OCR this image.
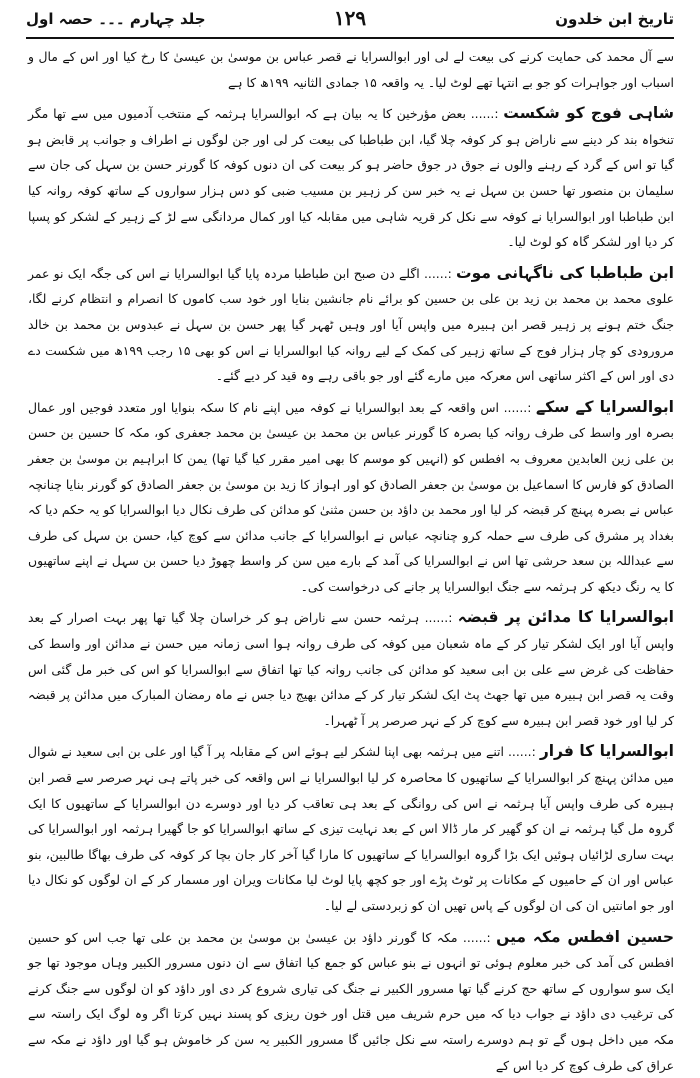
تاریخ ابن خلدون
۱۲۹
جلد چہارم ۔۔۔ حصہ اول

سے آل محمد کی حمایت کرنے کی بیعت لے لی اور ابوالسرایا نے قصر عباس بن موسیٰ بن عیسیٰ کا رخ کیا اور اس کے مال و اسباب اور جواہرات کو جو بے انتہا تھے لوٹ لیا۔ یہ واقعہ ۱۵ جمادی الثانیہ ۱۹۹ھ کا ہے

شاہی فوج کو شکست :...... بعض مؤرخین کا یہ بیان ہے کہ ابوالسرایا ہرثمہ کے منتخب آدمیوں میں سے تھا مگر تنخواہ بند کر دینے سے ناراض ہو کر کوفہ چلا گیا، ابن طباطبا کی بیعت کر لی اور جن لوگوں نے اطراف و جوانب پر قابض ہو گیا تو اس کے گرد کے رہنے والوں نے جوق در جوق حاضر ہو کر بیعت کی ان دنوں کوفہ کا گورنر حسن بن سہل کی جان سے سلیمان بن منصور تھا حسن بن سہل نے یہ خبر سن کر زہیر بن مسیب ضبی کو دس ہزار سواروں کے ساتھ کوفہ روانہ کیا ابن طباطبا اور ابوالسرایا نے کوفہ سے نکل کر قریہ شاہی میں مقابلہ کیا اور کمال مردانگی سے لڑ کے زہیر کے لشکر کو پسپا کر دیا اور لشکر گاہ کو لوٹ لیا۔

ابن طباطبا کی ناگہانی موت :...... اگلے دن صبح ابن طباطبا مردہ پایا گیا ابوالسرایا نے اس کی جگہ ایک نو عمر علوی محمد بن محمد بن زید بن علی بن حسین کو برائے نام جانشین بنایا اور خود سب کاموں کا انصرام و انتظام کرنے لگا، جنگ ختم ہونے پر زہیر قصر ابن ہبیرہ میں واپس آیا اور وہیں ٹھہر گیا پھر حسن بن سہل نے عبدوس بن محمد بن خالد مرورودی کو چار ہزار فوج کے ساتھ زہیر کی کمک کے لیے روانہ کیا ابوالسرایا نے اس کو بھی ۱۵ رجب ۱۹۹ھ میں شکست دے دی اور اس کے اکثر ساتھی اس معرکہ میں مارے گئے اور جو باقی رہے وہ قید کر دیے گئے۔

ابوالسرایا کے سکے :...... اس واقعہ کے بعد ابوالسرایا نے کوفہ میں اپنے نام کا سکہ بنوایا اور متعدد فوجیں اور عمال بصرہ اور واسط کی طرف روانہ کیا بصرہ کا گورنر عباس بن محمد بن عیسیٰ بن محمد جعفری کو، مکہ کا حسین بن حسن بن علی زین العابدین معروف بہ افطس کو (انہیں کو موسم کا بھی امیر مقرر کیا گیا تھا) یمن کا ابراہیم بن موسیٰ بن جعفر الصادق کو فارس کا اسماعیل بن موسیٰ بن جعفر الصادق کو اور اہواز کا زید بن موسیٰ بن جعفر الصادق کو گورنر بنایا چنانچہ عباس نے بصرہ پہنچ کر قبضہ کر لیا اور محمد بن داؤد بن حسن مثنیٰ کو مدائن کی طرف نکال دیا ابوالسرایا کو یہ حکم دیا کہ بغداد پر مشرق کی طرف سے حملہ کرو چنانچہ عباس نے ابوالسرایا کے جانب مدائن سے کوچ کیا، حسن بن سہل کی طرف سے عبداللہ بن سعد حرشی تھا اس نے ابوالسرایا کی آمد کے بارے میں سن کر واسط چھوڑ دیا حسن بن سہل نے اپنے ساتھیوں کا یہ رنگ دیکھ کر ہرثمہ سے جنگ ابوالسرایا پر جانے کی درخواست کی۔

ابوالسرایا کا مدائن پر قبضہ :...... ہرثمہ حسن سے ناراض ہو کر خراسان چلا گیا تھا پھر بہت اصرار کے بعد واپس آیا اور ایک لشکر تیار کر کے ماہ شعبان میں کوفہ کی طرف روانہ ہوا اسی زمانہ میں حسن نے مدائن اور واسط کی حفاظت کی غرض سے علی بن ابی سعید کو مدائن کی جانب روانہ کیا تھا اتفاق سے ابوالسرایا کو اس کی خبر مل گئی اس وقت یہ قصر ابن ہبیرہ میں تھا جھٹ پٹ ایک لشکر تیار کر کے مدائن بھیج دیا جس نے ماہ رمضان المبارک میں مدائن پر قبضہ کر لیا اور خود قصر ابن ہبیرہ سے کوچ کر کے نہر صرصر پر آ ٹھہرا۔

ابوالسرایا کا فرار :...... اتنے میں ہرثمہ بھی اپنا لشکر لیے ہوئے اس کے مقابلہ پر آ گیا اور علی بن ابی سعید نے شوال میں مدائن پہنچ کر ابوالسرایا کے ساتھیوں کا محاصرہ کر لیا ابوالسرایا نے اس واقعہ کی خبر پاتے ہی نہر صرصر سے قصر ابن ہبیرہ کی طرف واپس آیا ہرثمہ نے اس کی روانگی کے بعد ہی تعاقب کر دیا اور دوسرے دن ابوالسرایا کے ساتھیوں کا ایک گروہ مل گیا ہرثمہ نے ان کو گھیر کر مار ڈالا اس کے بعد نہایت تیزی کے ساتھ ابوالسرایا کو جا گھیرا ہرثمہ اور ابوالسرایا کی بہت ساری لڑائیاں ہوئیں ایک بڑا گروہ ابوالسرایا کے ساتھیوں کا مارا گیا آخر کار جان بچا کر کوفہ کی طرف بھاگا طالبین، بنو عباس اور ان کے حامیوں کے مکانات پر ٹوٹ پڑے اور جو کچھ پایا لوٹ لیا مکانات ویران اور مسمار کر کے ان لوگوں کو نکال دیا اور جو امانتیں ان کی ان لوگوں کے پاس تھیں ان کو زبردستی لے لیا۔

حسین افطس مکہ میں :...... مکہ کا گورنر داؤد بن عیسیٰ بن موسیٰ بن محمد بن علی تھا جب اس کو حسین افطس کی آمد کی خبر معلوم ہوئی تو انہوں نے بنو عباس کو جمع کیا اتفاق سے ان دنوں مسرور الکبیر وہاں موجود تھا جو ایک سو سواروں کے ساتھ حج کرنے گیا تھا مسرور الکبیر نے جنگ کی تیاری شروع کر دی اور داؤد کو ان لوگوں سے جنگ کرنے کی ترغیب دی داؤد نے جواب دیا کہ میں حرم شریف میں قتل اور خون ریزی کو پسند نہیں کرتا اگر وہ لوگ ایک راستہ سے مکہ میں داخل ہوں گے تو ہم دوسرے راستہ سے نکل جائیں گا مسرور الکبیر یہ سن کر خاموش ہو گیا اور داؤد نے مکہ سے عراق کی طرف کوچ کر دیا اس کے
